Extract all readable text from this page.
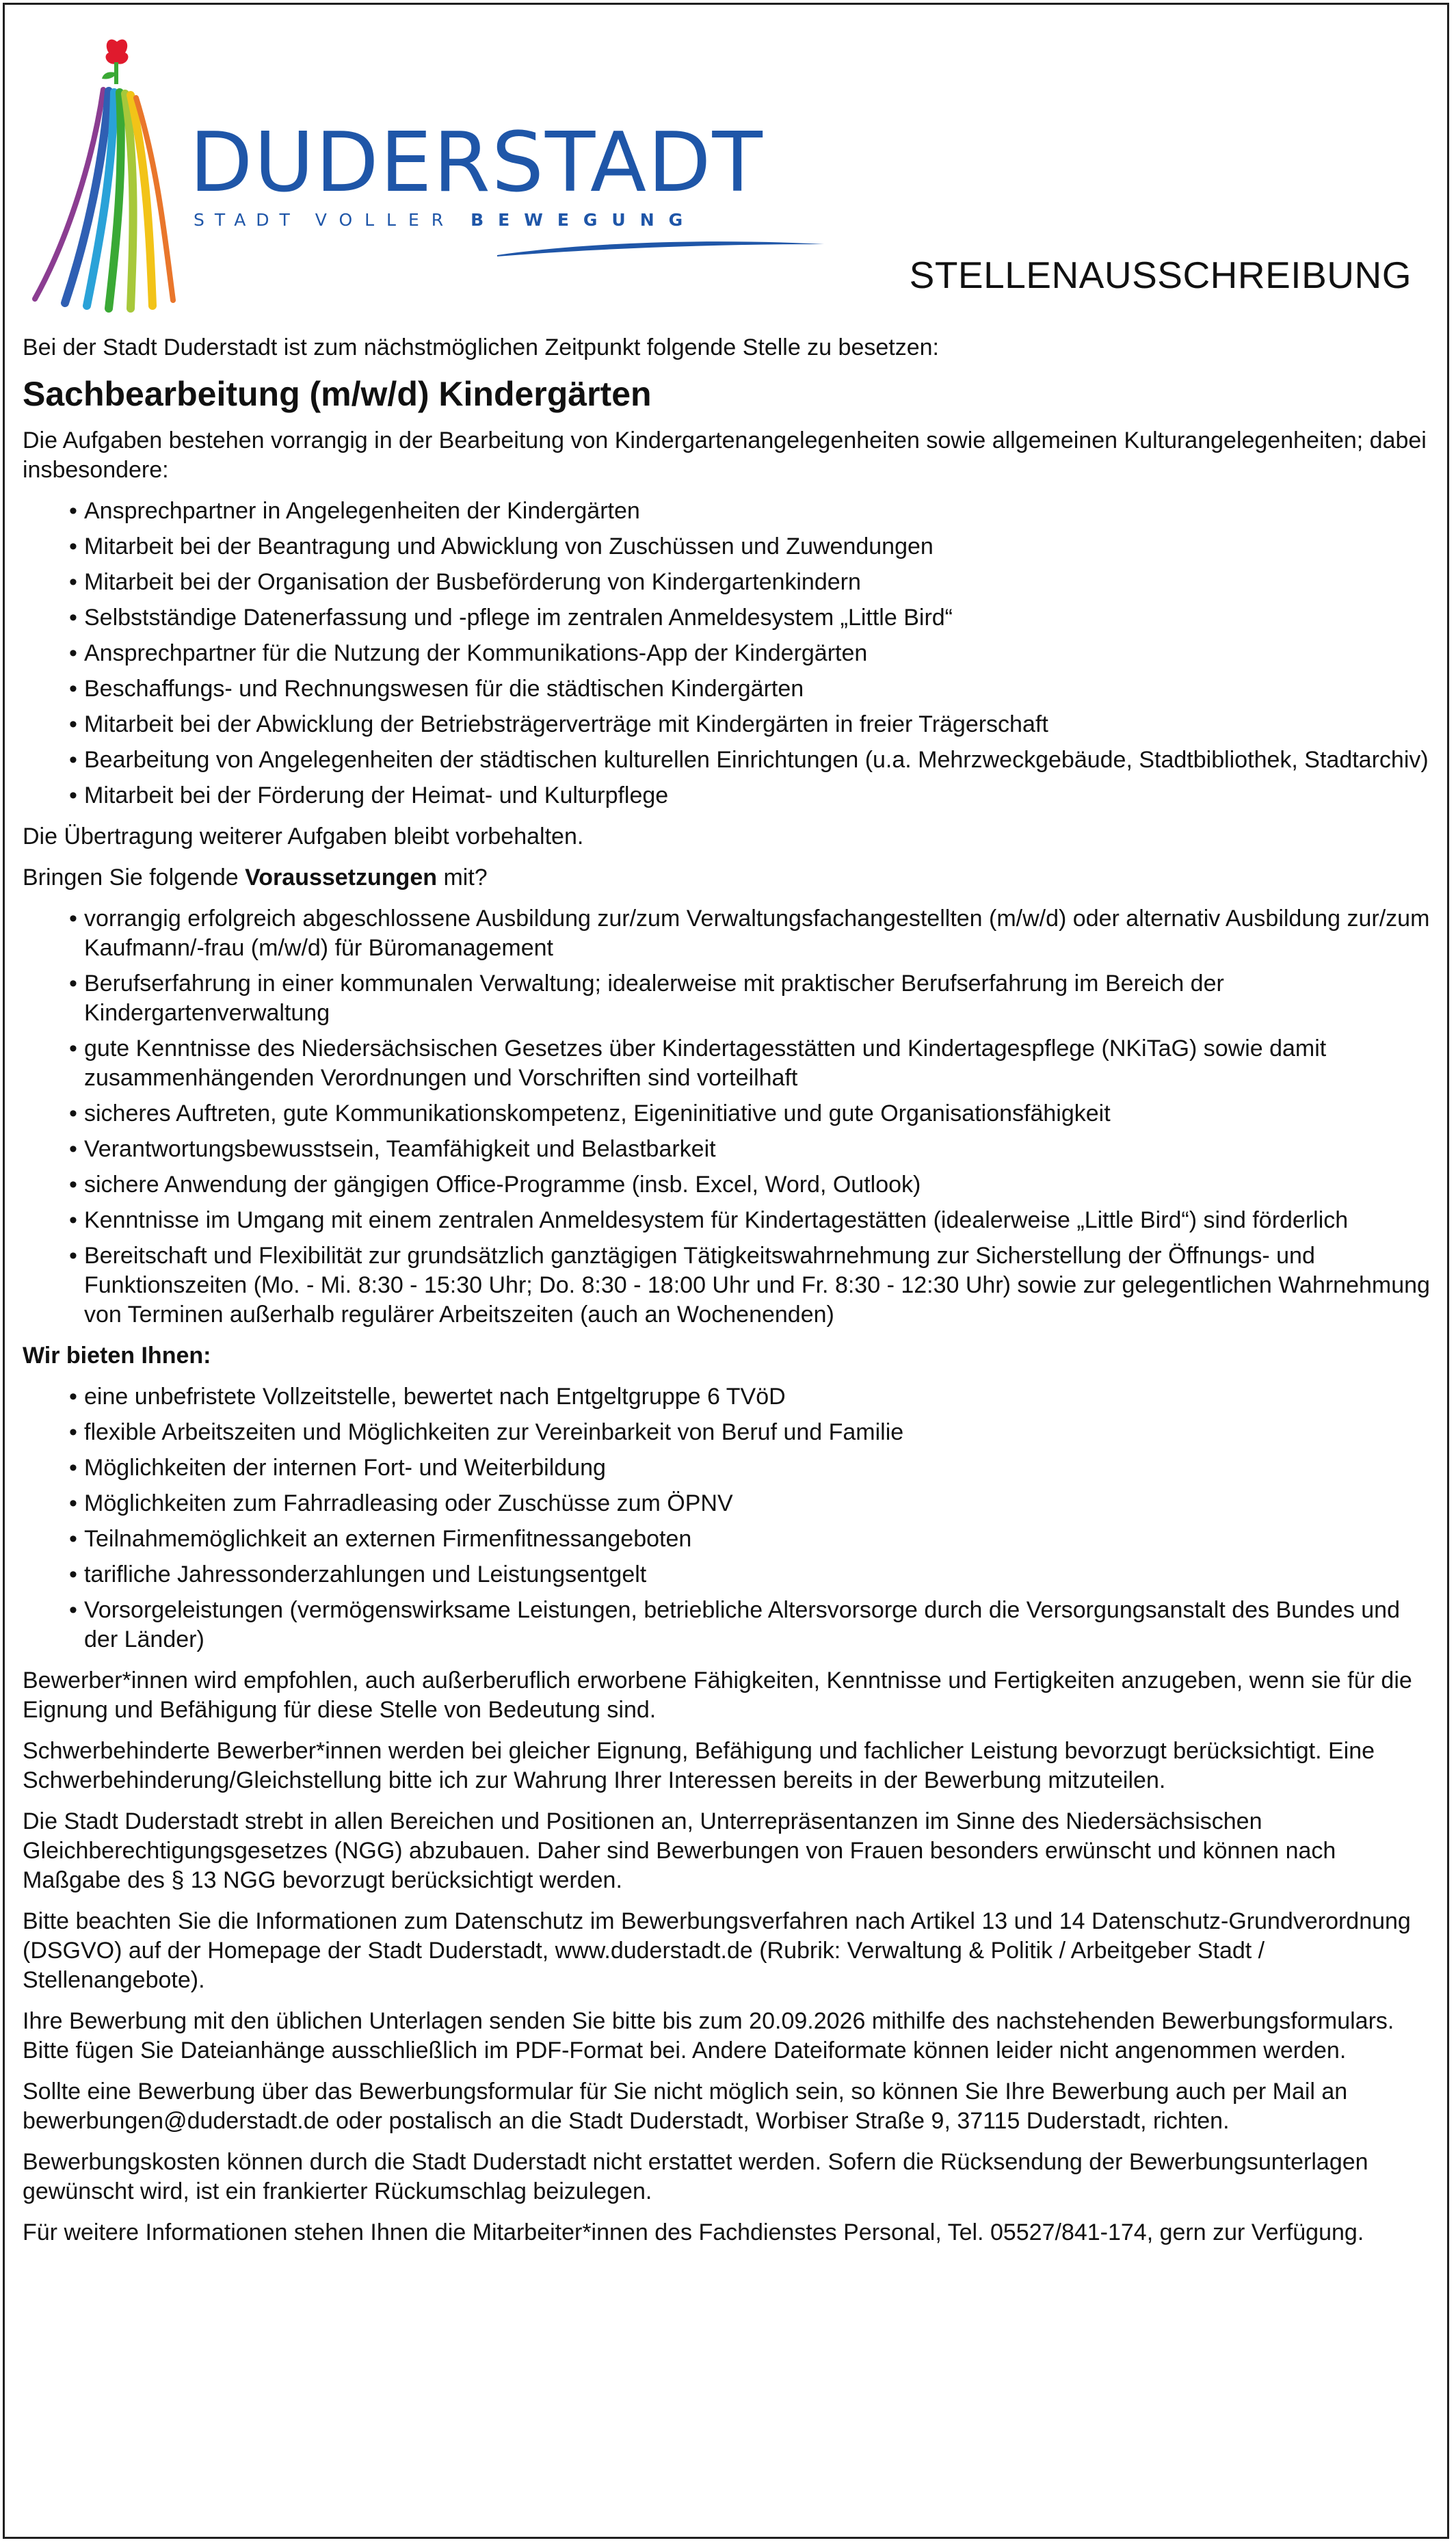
DUDERSTADT
STADT VOLLER BEWEGUNG
STELLENAUSSCHREIBUNG

Bei der Stadt Duderstadt ist zum nächstmöglichen Zeitpunkt folgende Stelle zu besetzen:

Sachbearbeitung (m/w/d) Kindergärten

Die Aufgaben bestehen vorrangig in der Bearbeitung von Kindergartenangelegenheiten sowie allgemeinen Kulturangelegenheiten; dabei insbesondere:

• Ansprechpartner in Angelegenheiten der Kindergärten
• Mitarbeit bei der Beantragung und Abwicklung von Zuschüssen und Zuwendungen
• Mitarbeit bei der Organisation der Busbeförderung von Kindergartenkindern
• Selbstständige Datenerfassung und -pflege im zentralen Anmeldesystem „Little Bird“
• Ansprechpartner für die Nutzung der Kommunikations-App der Kindergärten
• Beschaffungs- und Rechnungswesen für die städtischen Kindergärten
• Mitarbeit bei der Abwicklung der Betriebsträgerverträge mit Kindergärten in freier Trägerschaft
• Bearbeitung von Angelegenheiten der städtischen kulturellen Einrichtungen (u.a. Mehrzweckgebäude, Stadtbibliothek, Stadtarchiv)
• Mitarbeit bei der Förderung der Heimat- und Kulturpflege

Die Übertragung weiterer Aufgaben bleibt vorbehalten.

Bringen Sie folgende Voraussetzungen mit?

• vorrangig erfolgreich abgeschlossene Ausbildung zur/zum Verwaltungsfachangestellten (m/w/d) oder alternativ Ausbildung zur/zum Kaufmann/-frau (m/w/d) für Büromanagement
• Berufserfahrung in einer kommunalen Verwaltung; idealerweise mit praktischer Berufserfahrung im Bereich der Kindergartenverwaltung
• gute Kenntnisse des Niedersächsischen Gesetzes über Kindertagesstätten und Kindertagespflege (NKiTaG) sowie damit zusammenhängenden Verordnungen und Vorschriften sind vorteilhaft
• sicheres Auftreten, gute Kommunikationskompetenz, Eigeninitiative und gute Organisationsfähigkeit
• Verantwortungsbewusstsein, Teamfähigkeit und Belastbarkeit
• sichere Anwendung der gängigen Office-Programme (insb. Excel, Word, Outlook)
• Kenntnisse im Umgang mit einem zentralen Anmeldesystem für Kindertagestätten (idealerweise „Little Bird“) sind förderlich
• Bereitschaft und Flexibilität zur grundsätzlich ganztägigen Tätigkeitswahrnehmung zur Sicherstellung der Öffnungs- und Funktionszeiten (Mo. - Mi. 8:30 - 15:30 Uhr; Do. 8:30 - 18:00 Uhr und Fr. 8:30 - 12:30 Uhr) sowie zur gelegentlichen Wahrnehmung von Terminen außerhalb regulärer Arbeitszeiten (auch an Wochenenden)
Wir bieten Ihnen:
• eine unbefristete Vollzeitstelle, bewertet nach Entgeltgruppe 6 TVöD
• flexible Arbeitszeiten und Möglichkeiten zur Vereinbarkeit von Beruf und Familie
• Möglichkeiten der internen Fort- und Weiterbildung
• Möglichkeiten zum Fahrradleasing oder Zuschüsse zum ÖPNV
• Teilnahmemöglichkeit an externen Firmenfitnessangeboten
• tarifliche Jahressonderzahlungen und Leistungsentgelt
• Vorsorgeleistungen (vermögenswirksame Leistungen, betriebliche Altersvorsorge durch die Versorgungsanstalt des Bundes und der Länder)

Bewerber*innen wird empfohlen, auch außerberuflich erworbene Fähigkeiten, Kenntnisse und Fertigkeiten anzugeben, wenn sie für die Eignung und Befähigung für diese Stelle von Bedeutung sind.

Schwerbehinderte Bewerber*innen werden bei gleicher Eignung, Befähigung und fachlicher Leistung bevorzugt berücksichtigt. Eine Schwerbehinderung/Gleichstellung bitte ich zur Wahrung Ihrer Interessen bereits in der Bewerbung mitzuteilen.

Die Stadt Duderstadt strebt in allen Bereichen und Positionen an, Unterrepräsentanzen im Sinne des Niedersächsischen Gleichberechtigungsgesetzes (NGG) abzubauen. Daher sind Bewerbungen von Frauen besonders erwünscht und können nach Maßgabe des § 13 NGG bevorzugt berücksichtigt werden.

Bitte beachten Sie die Informationen zum Datenschutz im Bewerbungsverfahren nach Artikel 13 und 14 Datenschutz-Grundverordnung (DSGVO) auf der Homepage der Stadt Duderstadt, www.duderstadt.de (Rubrik: Verwaltung & Politik / Arbeitgeber Stadt / Stellenangebote).

Ihre Bewerbung mit den üblichen Unterlagen senden Sie bitte bis zum 20.09.2026 mithilfe des nachstehenden Bewerbungsformulars. Bitte fügen Sie Dateianhänge ausschließlich im PDF-Format bei. Andere Dateiformate können leider nicht angenommen werden.

Sollte eine Bewerbung über das Bewerbungsformular für Sie nicht möglich sein, so können Sie Ihre Bewerbung auch per Mail an bewerbungen@duderstadt.de oder postalisch an die Stadt Duderstadt, Worbiser Straße 9, 37115 Duderstadt, richten.

Bewerbungskosten können durch die Stadt Duderstadt nicht erstattet werden. Sofern die Rücksendung der Bewerbungsunterlagen gewünscht wird, ist ein frankierter Rückumschlag beizulegen.

Für weitere Informationen stehen Ihnen die Mitarbeiter*innen des Fachdienstes Personal, Tel. 05527/841-174, gern zur Verfügung.
